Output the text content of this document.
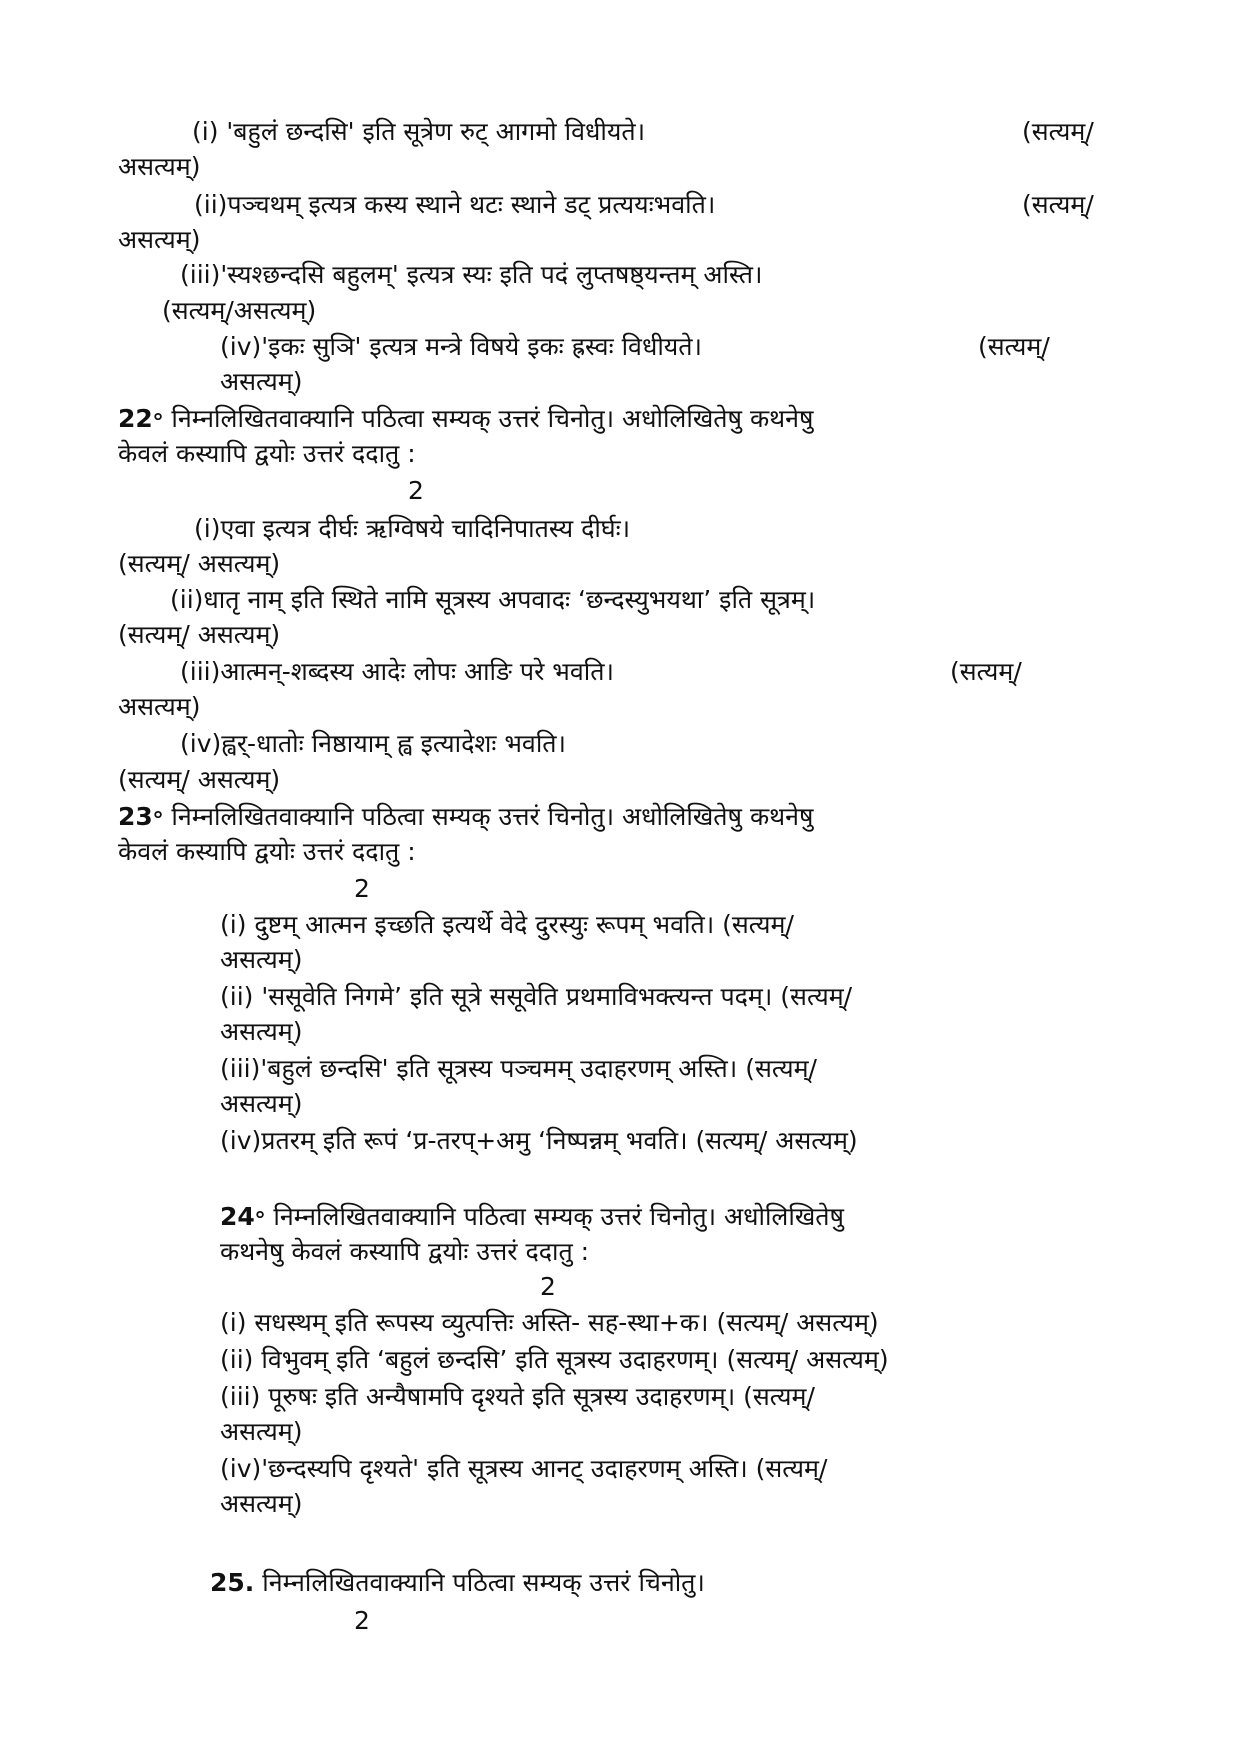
(i) 'बहुलं छन्दसि' इति सूत्रेण रुट् आगमो विधीयते।	(सत्यम्/
असत्यम्)
(ii)पञ्चथम् इत्यत्र कस्य स्थाने थटः स्थाने डट् प्रत्ययःभवति।	(सत्यम्/
असत्यम्)
(iii)'स्यश्छन्दसि बहुलम्' इत्यत्र स्यः इति पदं लुप्तषष्ठ्यन्तम् अस्ति।
(सत्यम्/असत्यम्)
(iv)'इकः सुञि' इत्यत्र मन्त्रे विषये इकः ह्रस्वः विधीयते।	(सत्यम्/
असत्यम्)
22॰ निम्नलिखितवाक्यानि पठित्वा सम्यक् उत्तरं चिनोतु। अधोलिखितेषु कथनेषु
केवलं कस्यापि द्वयोः उत्तरं ददातु :
2
(i)एवा इत्यत्र दीर्घः ऋग्विषये चादिनिपातस्य दीर्घः।
(सत्यम्/ असत्यम्)
(ii)धातृ नाम् इति स्थिते नामि सूत्रस्य अपवादः ‘छन्दस्युभयथा’ इति सूत्रम्।
(सत्यम्/ असत्यम्)
(iii)आत्मन्-शब्दस्य आदेः लोपः आङि परे भवति।	(सत्यम्/
असत्यम्)
(iv)ह्वर्-धातोः निष्ठायाम् ह्व इत्यादेशः भवति।
(सत्यम्/ असत्यम्)
23॰ निम्नलिखितवाक्यानि पठित्वा सम्यक् उत्तरं चिनोतु। अधोलिखितेषु कथनेषु
केवलं कस्यापि द्वयोः उत्तरं ददातु :
2
(i) दुष्टम् आत्मन इच्छति इत्यर्थे वेदे दुरस्युः रूपम् भवति। (सत्यम्/
असत्यम्)
(ii) 'ससूवेति निगमे’ इति सूत्रे ससूवेति प्रथमाविभक्त्यन्त पदम्। (सत्यम्/
असत्यम्)
(iii)'बहुलं छन्दसि' इति सूत्रस्य पञ्चमम् उदाहरणम् अस्ति। (सत्यम्/
असत्यम्)
(iv)प्रतरम् इति रूपं ‘प्र-तरप्+अमु ‘निष्पन्नम् भवति। (सत्यम्/ असत्यम्)
24॰ निम्नलिखितवाक्यानि पठित्वा सम्यक् उत्तरं चिनोतु। अधोलिखितेषु
कथनेषु केवलं कस्यापि द्वयोः उत्तरं ददातु :
2
(i) सधस्थम् इति रूपस्य व्युत्पत्तिः अस्ति- सह-स्था+क। (सत्यम्/ असत्यम्)
(ii) विभुवम् इति ‘बहुलं छन्दसि’ इति सूत्रस्य उदाहरणम्। (सत्यम्/ असत्यम्)
(iii) पूरुषः इति अन्यैषामपि दृश्यते इति सूत्रस्य उदाहरणम्। (सत्यम्/
असत्यम्)
(iv)'छन्दस्यपि दृश्यते' इति सूत्रस्य आनट् उदाहरणम् अस्ति। (सत्यम्/
असत्यम्)
25. निम्नलिखितवाक्यानि पठित्वा सम्यक् उत्तरं चिनोतु।
2
